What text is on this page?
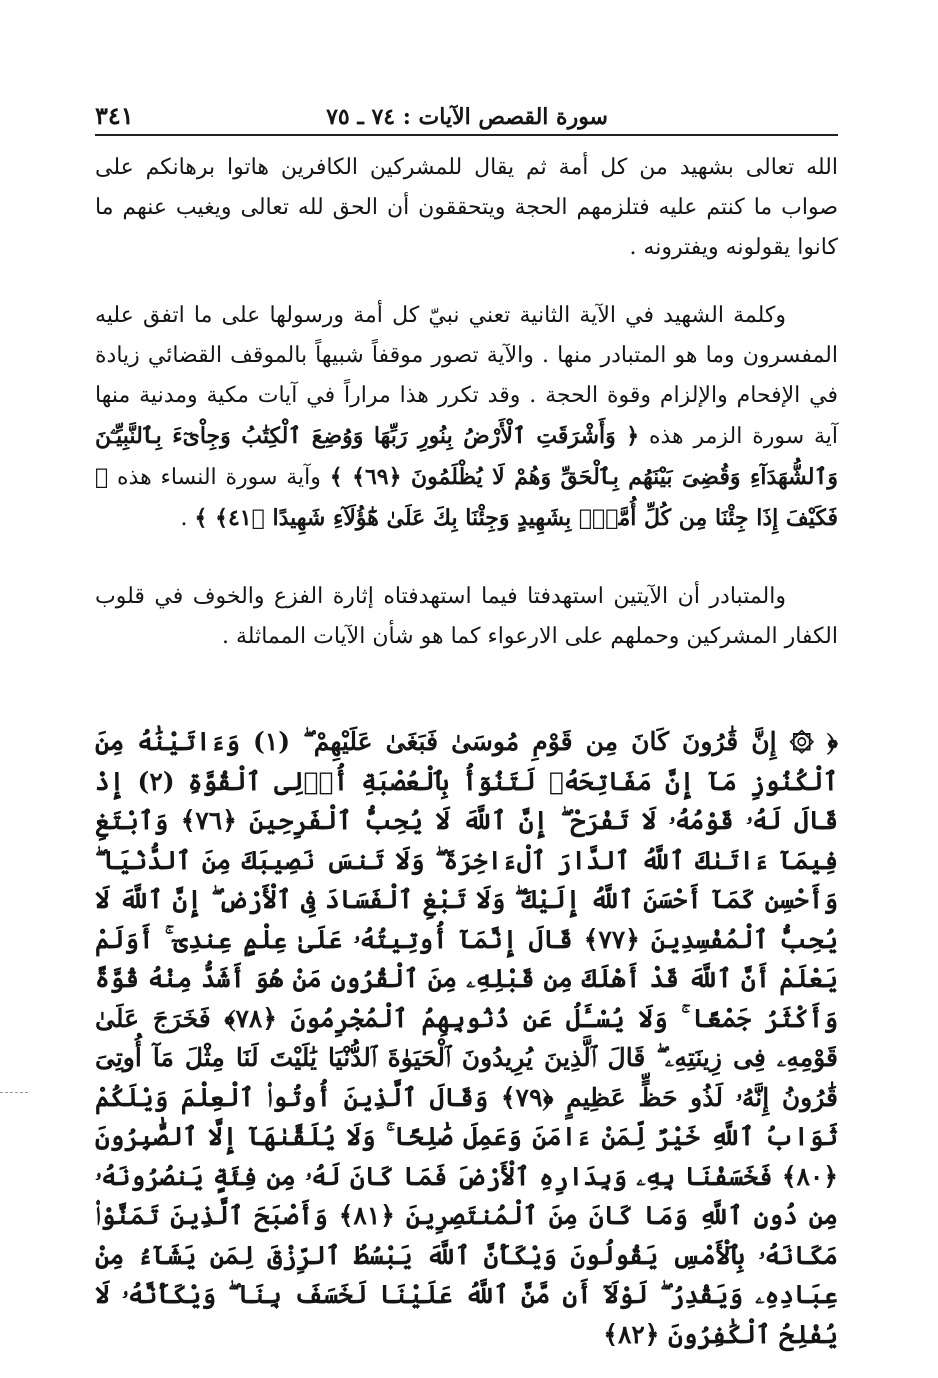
سورة القصص الآيات : ٧٤ ـ ٧٥
٣٤١

الله تعالى بشهيد من كل أمة ثم يقال للمشركين الكافرين هاتوا برهانكم على صواب ما كنتم عليه فتلزمهم الحجة ويتحققون أن الحق لله تعالى ويغيب عنهم ما كانوا يقولونه ويفترونه .

وكلمة الشهيد في الآية الثانية تعني نبيّ كل أمة ورسولها على ما اتفق عليه المفسرون وما هو المتبادر منها . والآية تصور موقفاً شبيهاً بالموقف القضائي زيادة في الإفحام والإلزام وقوة الحجة . وقد تكرر هذا مراراً في آيات مكية ومدنية منها آية سورة الزمر هذه ﴿ وَأَشْرَقَتِ ٱلْأَرْضُ بِنُورِ رَبِّهَا وَوُضِعَ ٱلْكِتَٰبُ وَجِاْىٓءَ بِٱلنَّبِيِّـۧنَ وَٱلشُّهَدَآءِ وَقُضِىَ بَيْنَهُم بِٱلْحَقِّ وَهُمْ لَا يُظْلَمُونَ ﴿٦٩﴾ ﴾ وآية سورة النساء هذه ﴿ فَكَيْفَ إِذَا جِئْنَا مِن كُلِّ أُمَّةٍۭ بِشَهِيدٍ وَجِئْنَا بِكَ عَلَىٰ هَٰٓؤُلَآءِ شَهِيدًا ﴿٤١﴾ ﴾ .

والمتبادر أن الآيتين استهدفتا فيما استهدفتاه إثارة الفزع والخوف في قلوب الكفار المشركين وحملهم على الارعواء كما هو شأن الآيات المماثلة .

﴿ ۞ إِنَّ قَٰرُونَ كَانَ مِن قَوْمِ مُوسَىٰ فَبَغَىٰ عَلَيْهِمْ ۖ (١) وَءَاتَيْنَٰهُ مِنَ ٱلْكُنُوزِ مَآ إِنَّ مَفَاتِحَهُۥ لَتَنُوٓأُ بِٱلْعُصْبَةِ أُو۟لِى ٱلْقُوَّةِ (٢) إِذْ قَالَ لَهُۥ قَوْمُهُۥ لَا تَفْرَحْ ۖ إِنَّ ٱللَّهَ لَا يُحِبُّ ٱلْفَرِحِينَ ﴿٧٦﴾ وَٱبْتَغِ فِيمَآ ءَاتَىٰكَ ٱللَّهُ ٱلدَّارَ ٱلْءَاخِرَةَ ۖ وَلَا تَنسَ نَصِيبَكَ مِنَ ٱلدُّنْيَا ۖ وَأَحْسِن كَمَآ أَحْسَنَ ٱللَّهُ إِلَيْكَ ۖ وَلَا تَبْغِ ٱلْفَسَادَ فِى ٱلْأَرْضِ ۖ إِنَّ ٱللَّهَ لَا يُحِبُّ ٱلْمُفْسِدِينَ ﴿٧٧﴾ قَالَ إِنَّمَآ أُوتِيتُهُۥ عَلَىٰ عِلْمٍ عِندِىٓ ۚ أَوَلَمْ يَعْلَمْ أَنَّ ٱللَّهَ قَدْ أَهْلَكَ مِن قَبْلِهِۦ مِنَ ٱلْقُرُونِ مَنْ هُوَ أَشَدُّ مِنْهُ قُوَّةً وَأَكْثَرُ جَمْعًا ۚ وَلَا يُسْـَٔلُ عَن ذُنُوبِهِمُ ٱلْمُجْرِمُونَ ﴿٧٨﴾ فَخَرَجَ عَلَىٰ قَوْمِهِۦ فِى زِينَتِهِۦ ۖ قَالَ ٱلَّذِينَ يُرِيدُونَ ٱلْحَيَوٰةَ ٱلدُّنْيَا يَٰلَيْتَ لَنَا مِثْلَ مَآ أُوتِىَ قَٰرُونُ إِنَّهُۥ لَذُو حَظٍّ عَظِيمٍ ﴿٧٩﴾ وَقَالَ ٱلَّذِينَ أُوتُوا۟ ٱلْعِلْمَ وَيْلَكُمْ ثَوَابُ ٱللَّهِ خَيْرٌ لِّمَنْ ءَامَنَ وَعَمِلَ صَٰلِحًا ۚ وَلَا يُلَقَّىٰهَآ إِلَّا ٱلصَّٰبِرُونَ ﴿٨٠﴾ فَخَسَفْنَا بِهِۦ وَبِدَارِهِ ٱلْأَرْضَ فَمَا كَانَ لَهُۥ مِن فِئَةٍ يَنصُرُونَهُۥ مِن دُونِ ٱللَّهِ وَمَا كَانَ مِنَ ٱلْمُنتَصِرِينَ ﴿٨١﴾ وَأَصْبَحَ ٱلَّذِينَ تَمَنَّوْا۟ مَكَانَهُۥ بِٱلْأَمْسِ يَقُولُونَ وَيْكَأَنَّ ٱللَّهَ يَبْسُطُ ٱلرِّزْقَ لِمَن يَشَآءُ مِنْ عِبَادِهِۦ وَيَقْدِرُ ۖ لَوْلَآ أَن مَّنَّ ٱللَّهُ عَلَيْنَا لَخَسَفَ بِنَا ۖ وَيْكَأَنَّهُۥ لَا يُفْلِحُ ٱلْكَٰفِرُونَ ﴿٨٢﴾
